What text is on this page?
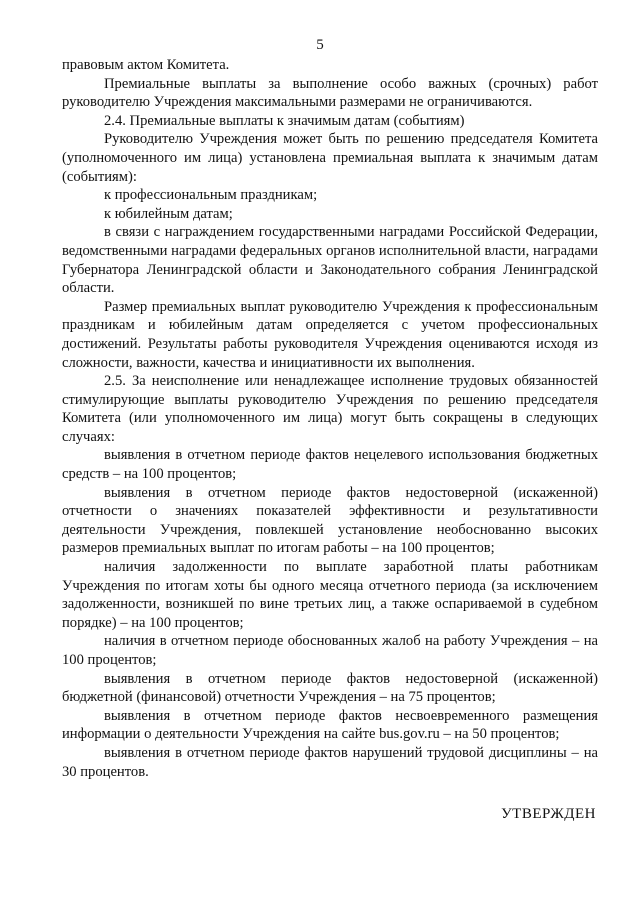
5

правовым актом Комитета.

Премиальные выплаты за выполнение особо важных (срочных) работ руководителю Учреждения максимальными размерами не ограничиваются.

2.4. Премиальные выплаты к значимым датам (событиям)

Руководителю Учреждения может быть по решению председателя Комитета (уполномоченного им лица) установлена премиальная выплата к значимым датам (событиям):

к профессиональным праздникам;

к юбилейным датам;

в связи с награждением государственными наградами Российской Федерации, ведомственными наградами федеральных органов исполнительной власти, наградами Губернатора Ленинградской области и Законодательного собрания Ленинградской области.

Размер премиальных выплат руководителю Учреждения к профессиональным праздникам и юбилейным датам определяется с учетом профессиональных достижений. Результаты работы руководителя Учреждения оцениваются исходя из сложности, важности, качества и инициативности их выполнения.

2.5. За неисполнение или ненадлежащее исполнение трудовых обязанностей стимулирующие выплаты руководителю Учреждения по решению председателя Комитета (или уполномоченного им лица) могут быть сокращены в следующих случаях:

выявления в отчетном периоде фактов нецелевого использования бюджетных средств – на 100 процентов;

выявления в отчетном периоде фактов недостоверной (искаженной) отчетности о значениях показателей эффективности и результативности деятельности Учреждения, повлекшей установление необоснованно высоких размеров премиальных выплат по итогам работы – на 100 процентов;

наличия задолженности по выплате заработной платы работникам Учреждения по итогам хоты бы одного месяца отчетного периода (за исключением задолженности, возникшей по вине третьих лиц, а также оспариваемой в судебном порядке) – на 100 процентов;

наличия в отчетном периоде обоснованных жалоб на работу Учреждения – на 100 процентов;

выявления в отчетном периоде фактов недостоверной (искаженной) бюджетной (финансовой) отчетности Учреждения – на 75 процентов;

выявления в отчетном периоде фактов несвоевременного размещения информации о деятельности Учреждения на сайте bus.gov.ru – на 50 процентов;

выявления в отчетном периоде фактов нарушений трудовой дисциплины – на 30 процентов.

УТВЕРЖДЕН
